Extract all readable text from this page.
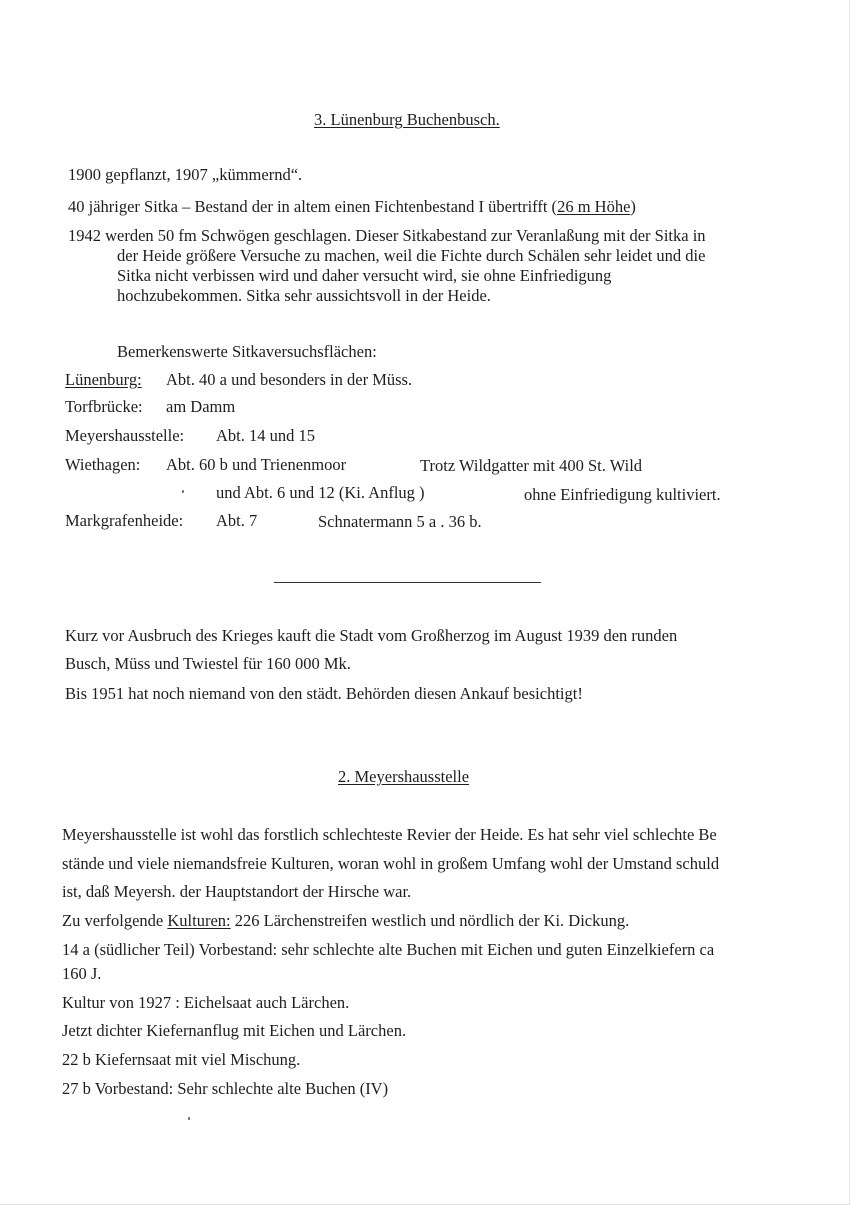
3. Lünenburg Buchenbusch.
1900 gepflanzt, 1907 „kümmernd“.
40 jähriger Sitka – Bestand der in altem einen Fichtenbestand I übertrifft (26 m Höhe)
1942 werden 50 fm Schwögen geschlagen. Dieser Sitkabestand zur Veranlaßung mit der Sitka in
der Heide größere Versuche zu machen, weil die Fichte durch Schälen sehr leidet und die
Sitka nicht verbissen wird und daher versucht wird, sie ohne Einfriedigung
hochzubekommen. Sitka sehr aussichtsvoll in der Heide.
Bemerkenswerte Sitkaversuchsflächen:
Lünenburg: Abt. 40 a und besonders in der Müss.
Torfbrücke: am Damm
Meyershausstelle: Abt. 14 und 15
Wiethagen: Abt. 60 b und Trienenmoor	Trotz Wildgatter mit 400 St. Wild
und Abt. 6 und 12 (Ki. Anflug )	ohne Einfriedigung kultiviert.
Markgrafenheide: Abt. 7	Schnatermann 5 a . 36 b.
Kurz vor Ausbruch des Krieges kauft die Stadt vom Großherzog im August 1939 den runden
Busch, Müss und Twiestel für 160 000 Mk.
Bis 1951 hat noch niemand von den städt. Behörden diesen Ankauf besichtigt!
2. Meyershausstelle
Meyershausstelle ist wohl das forstlich schlechteste Revier der Heide. Es hat sehr viel schlechte Be
stände und viele niemandsfreie Kulturen, woran wohl in großem Umfang wohl der Umstand schuld
ist, daß Meyersh. der Hauptstandort der Hirsche war.
Zu verfolgende Kulturen: 226 Lärchenstreifen westlich und nördlich der Ki. Dickung.
14 a (südlicher Teil) Vorbestand: sehr schlechte alte Buchen mit Eichen und guten Einzelkiefern ca
160 J.
Kultur von 1927 : Eichelsaat auch Lärchen.
Jetzt dichter Kiefernanflug mit Eichen und Lärchen.
22 b Kiefernsaat mit viel Mischung.
27 b Vorbestand: Sehr schlechte alte Buchen (IV)
